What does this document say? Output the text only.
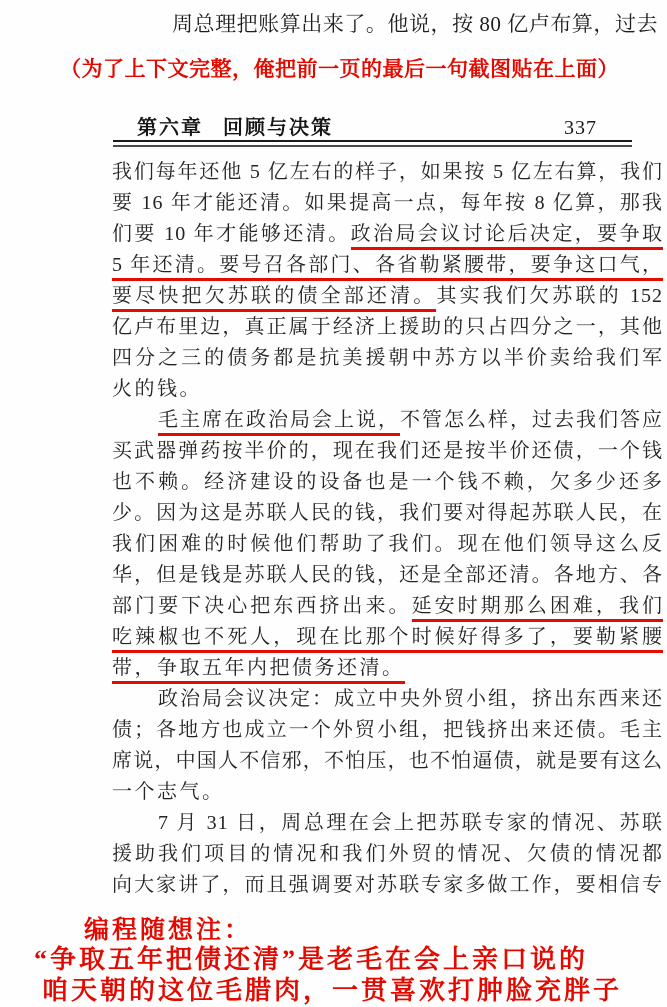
周总理把账算出来了。他说，按 80 亿卢布算，过去
（为了上下文完整，俺把前一页的最后一句截图贴在上面）
第六章 回顾与决策	337
我们每年还他 5 亿左右的样子，如果按 5 亿左右算，我们
要 16 年才能还清。如果提高一点，每年按 8 亿算，那我
们要 10 年才能够还清。政治局会议讨论后决定，要争取
5 年还清。要号召各部门、各省勒紧腰带，要争这口气，
要尽快把欠苏联的债全部还清。其实我们欠苏联的 152
亿卢布里边，真正属于经济上援助的只占四分之一，其他
四分之三的债务都是抗美援朝中苏方以半价卖给我们军
火的钱。
毛主席在政治局会上说，不管怎么样，过去我们答应
买武器弹药按半价的，现在我们还是按半价还债，一个钱
也不赖。经济建设的设备也是一个钱不赖，欠多少还多
少。因为这是苏联人民的钱，我们要对得起苏联人民，在
我们困难的时候他们帮助了我们。现在他们领导这么反
华，但是钱是苏联人民的钱，还是全部还清。各地方、各
部门要下决心把东西挤出来。延安时期那么困难，我们
吃辣椒也不死人，现在比那个时候好得多了，要勒紧腰
带，争取五年内把债务还清。
政治局会议决定：成立中央外贸小组，挤出东西来还
债；各地方也成立一个外贸小组，把钱挤出来还债。毛主
席说，中国人不信邪，不怕压，也不怕逼债，就是要有这么
一个志气。
7 月 31 日，周总理在会上把苏联专家的情况、苏联
援助我们项目的情况和我们外贸的情况、欠债的情况都
向大家讲了，而且强调要对苏联专家多做工作，要相信专
编程随想注：
“争取五年把债还清”是老毛在会上亲口说的
咱天朝的这位毛腊肉，一贯喜欢打肿脸充胖子
